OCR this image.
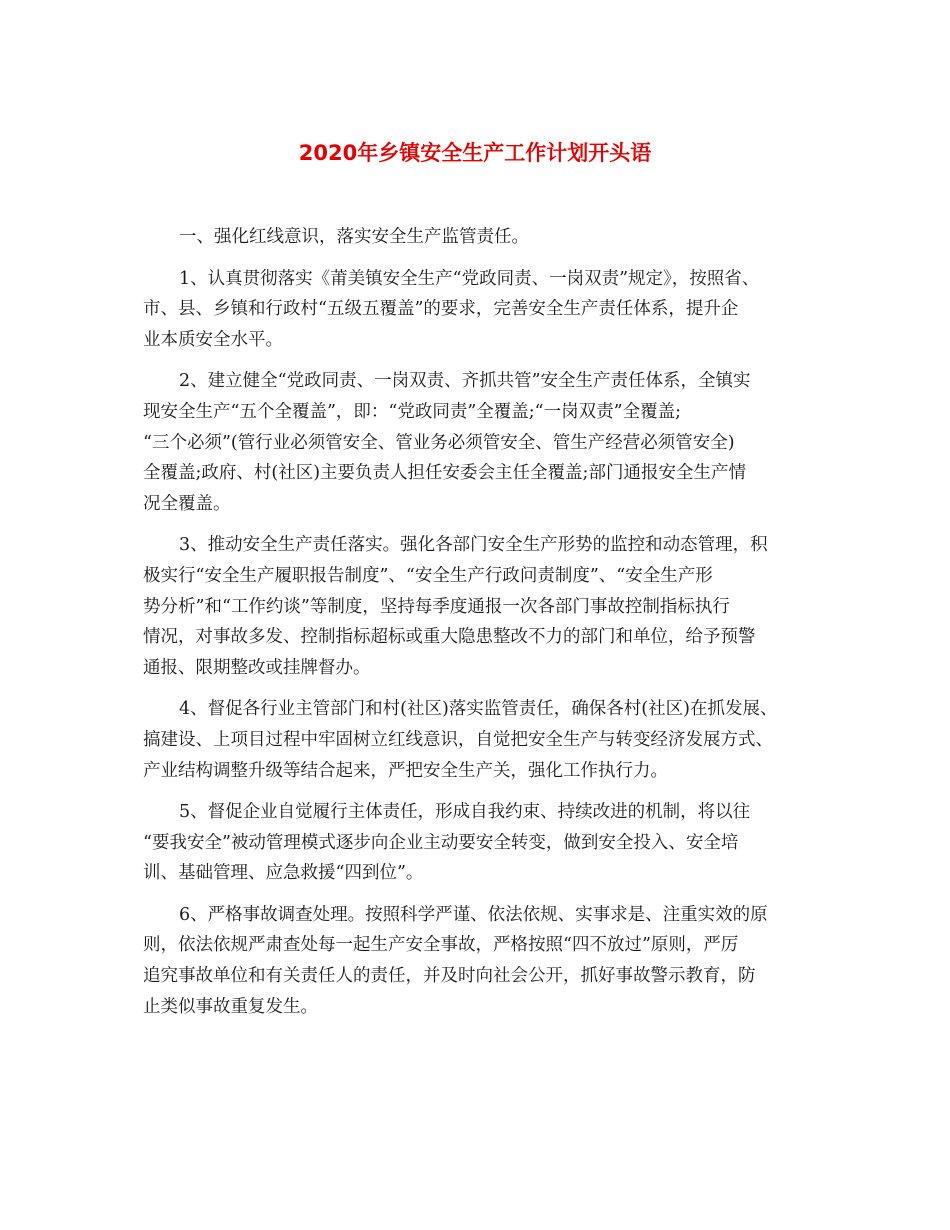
2020年乡镇安全生产工作计划开头语

一、强化红线意识，落实安全生产监管责任。

1、认真贯彻落实《莆美镇安全生产“党政同责、一岗双责”规定》，按照省、
市、县、乡镇和行政村“五级五覆盖”的要求，完善安全生产责任体系，提升企
业本质安全水平。

2、建立健全“党政同责、一岗双责、齐抓共管”安全生产责任体系，全镇实
现安全生产“五个全覆盖”，即：“党政同责”全覆盖;“一岗双责”全覆盖;
“三个必须”(管行业必须管安全、管业务必须管安全、管生产经营必须管安全)
全覆盖;政府、村(社区)主要负责人担任安委会主任全覆盖;部门通报安全生产情
况全覆盖。

3、推动安全生产责任落实。强化各部门安全生产形势的监控和动态管理，积
极实行“安全生产履职报告制度”、“安全生产行政问责制度”、“安全生产形
势分析”和“工作约谈”等制度，坚持每季度通报一次各部门事故控制指标执行
情况，对事故多发、控制指标超标或重大隐患整改不力的部门和单位，给予预警
通报、限期整改或挂牌督办。

4、督促各行业主管部门和村(社区)落实监管责任，确保各村(社区)在抓发展、
搞建设、上项目过程中牢固树立红线意识，自觉把安全生产与转变经济发展方式、
产业结构调整升级等结合起来，严把安全生产关，强化工作执行力。

5、督促企业自觉履行主体责任，形成自我约束、持续改进的机制，将以往
“要我安全”被动管理模式逐步向企业主动要安全转变，做到安全投入、安全培
训、基础管理、应急救援“四到位”。

6、严格事故调查处理。按照科学严谨、依法依规、实事求是、注重实效的原
则，依法依规严肃查处每一起生产安全事故，严格按照“四不放过”原则，严厉
追究事故单位和有关责任人的责任，并及时向社会公开，抓好事故警示教育，防
止类似事故重复发生。
